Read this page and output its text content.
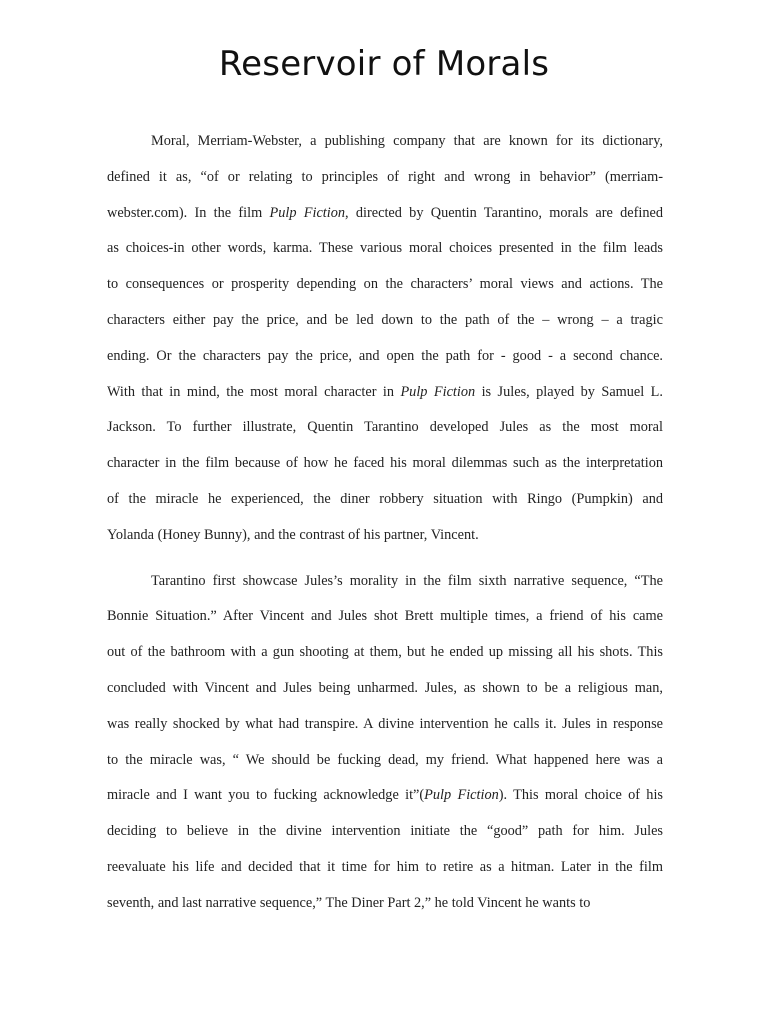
Reservoir of Morals
Moral, Merriam-Webster, a publishing company that are known for its dictionary,
defined it as, “of or relating to principles of right and wrong in behavior” (merriam-
webster.com). In the film Pulp Fiction, directed by Quentin Tarantino, morals are defined
as choices-in other words, karma. These various moral choices presented in the film leads
to consequences or prosperity depending on the characters’ moral views and actions. The
characters either pay the price, and be led down to the path of the – wrong – a tragic
ending. Or the characters pay the price, and open the path for - good - a second chance.
With that in mind, the most moral character in Pulp Fiction is Jules, played by Samuel L.
Jackson. To further illustrate, Quentin Tarantino developed Jules as the most moral
character in the film because of how he faced his moral dilemmas such as the interpretation
of the miracle he experienced, the diner robbery situation with Ringo (Pumpkin) and
Yolanda (Honey Bunny), and the contrast of his partner, Vincent.
Tarantino first showcase Jules’s morality in the film sixth narrative sequence, “The
Bonnie Situation.” After Vincent and Jules shot Brett multiple times, a friend of his came
out of the bathroom with a gun shooting at them, but he ended up missing all his shots. This
concluded with Vincent and Jules being unharmed. Jules, as shown to be a religious man,
was really shocked by what had transpire. A divine intervention he calls it. Jules in response
to the miracle was, “ We should be fucking dead, my friend. What happened here was a
miracle and I want you to fucking acknowledge it”(Pulp Fiction). This moral choice of his
deciding to believe in the divine intervention initiate the “good” path for him. Jules
reevaluate his life and decided that it time for him to retire as a hitman. Later in the film
seventh, and last narrative sequence,” The Diner Part 2,” he told Vincent he wants to
